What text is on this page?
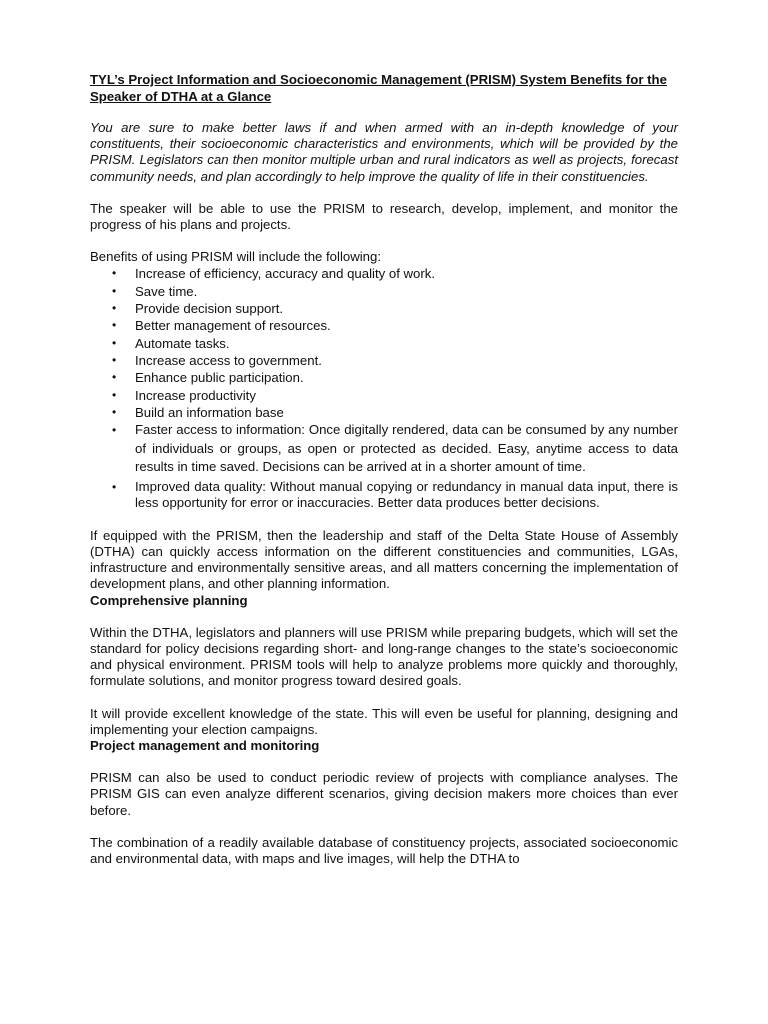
TYL’s Project Information and Socioeconomic Management (PRISM) System Benefits for the Speaker of DTHA at a Glance

You are sure to make better laws if and when armed with an in-depth knowledge of your constituents, their socioeconomic characteristics and environments, which will be provided by the PRISM. Legislators can then monitor multiple urban and rural indicators as well as projects, forecast community needs, and plan accordingly to help improve the quality of life in their constituencies.

The speaker will be able to use the PRISM to research, develop, implement, and monitor the progress of his plans and projects.

Benefits of using PRISM will include the following:

• Increase of efficiency, accuracy and quality of work.
• Save time.
• Provide decision support.
• Better management of resources.
• Automate tasks.
• Increase access to government.
• Enhance public participation.
• Increase productivity
• Build an information base
• Faster access to information: Once digitally rendered, data can be consumed by any number of individuals or groups, as open or protected as decided. Easy, anytime access to data results in time saved. Decisions can be arrived at in a shorter amount of time.
• Improved data quality: Without manual copying or redundancy in manual data input, there is less opportunity for error or inaccuracies. Better data produces better decisions.

If equipped with the PRISM, then the leadership and staff of the Delta State House of Assembly (DTHA) can quickly access information on the different constituencies and communities, LGAs, infrastructure and environmentally sensitive areas, and all matters concerning the implementation of development plans, and other planning information.

Comprehensive planning

Within the DTHA, legislators and planners will use PRISM while preparing budgets, which will set the standard for policy decisions regarding short- and long-range changes to the state’s socioeconomic and physical environment. PRISM tools will help to analyze problems more quickly and thoroughly, formulate solutions, and monitor progress toward desired goals.

It will provide excellent knowledge of the state. This will even be useful for planning, designing and implementing your election campaigns.

Project management and monitoring

PRISM can also be used to conduct periodic review of projects with compliance analyses. The PRISM GIS can even analyze different scenarios, giving decision makers more choices than ever before.

The combination of a readily available database of constituency projects, associated socioeconomic and environmental data, with maps and live images, will help the DTHA to
